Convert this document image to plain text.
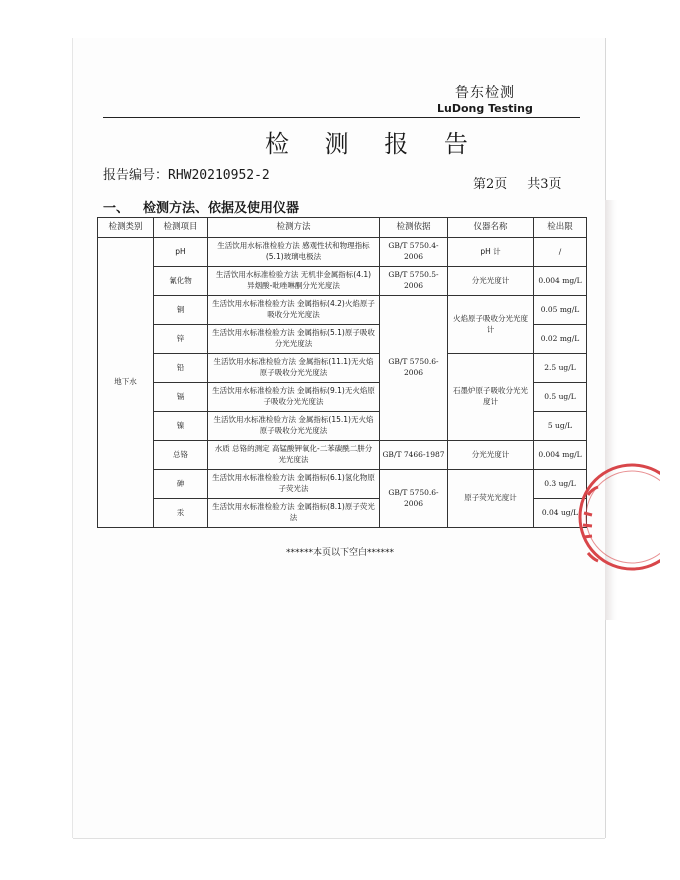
鲁东检测
LuDong Testing
检 测 报 告
报告编号：RHW20210952-2
第2页 共3页
一、 检测方法、依据及使用仪器
检测类别	检测项目	检测方法	检测依据	仪器名称	检出限
地下水	pH	生活饮用水标准检验方法 感观性状和物理指标(5.1)玻璃电极法	GB/T 5750.4-2006	pH 计	/
	氰化物	生活饮用水标准检验方法 无机非金属指标(4.1) 异烟酸-吡唑啉酮分光光度法	GB/T 5750.5-2006	分光光度计	0.004 mg/L
	铜	生活饮用水标准检验方法 金属指标(4.2)火焰原子吸收分光光度法	GB/T 5750.6-2006	火焰原子吸收分光光度计	0.05 mg/L
	锌	生活饮用水标准检验方法 金属指标(5.1)原子吸收分光光度法			0.02 mg/L
	铅	生活饮用水标准检验方法 金属指标(11.1)无火焰原子吸收分光光度法		石墨炉原子吸收分光光度计	2.5 ug/L
	镉	生活饮用水标准检验方法 金属指标(9.1)无火焰原子吸收分光光度法			0.5 ug/L
	镍	生活饮用水标准检验方法 金属指标(15.1)无火焰原子吸收分光光度法			5 ug/L
	总铬	水质 总铬的测定 高锰酸钾氧化-二苯碳酰二肼分光光度法	GB/T 7466-1987	分光光度计	0.004 mg/L
	砷	生活饮用水标准检验方法 金属指标(6.1)氢化物原子荧光法	GB/T 5750.6-2006	原子荧光光度计	0.3 ug/L
	汞	生活饮用水标准检验方法 金属指标(8.1)原子荧光法			0.04 ug/L
******本页以下空白******
